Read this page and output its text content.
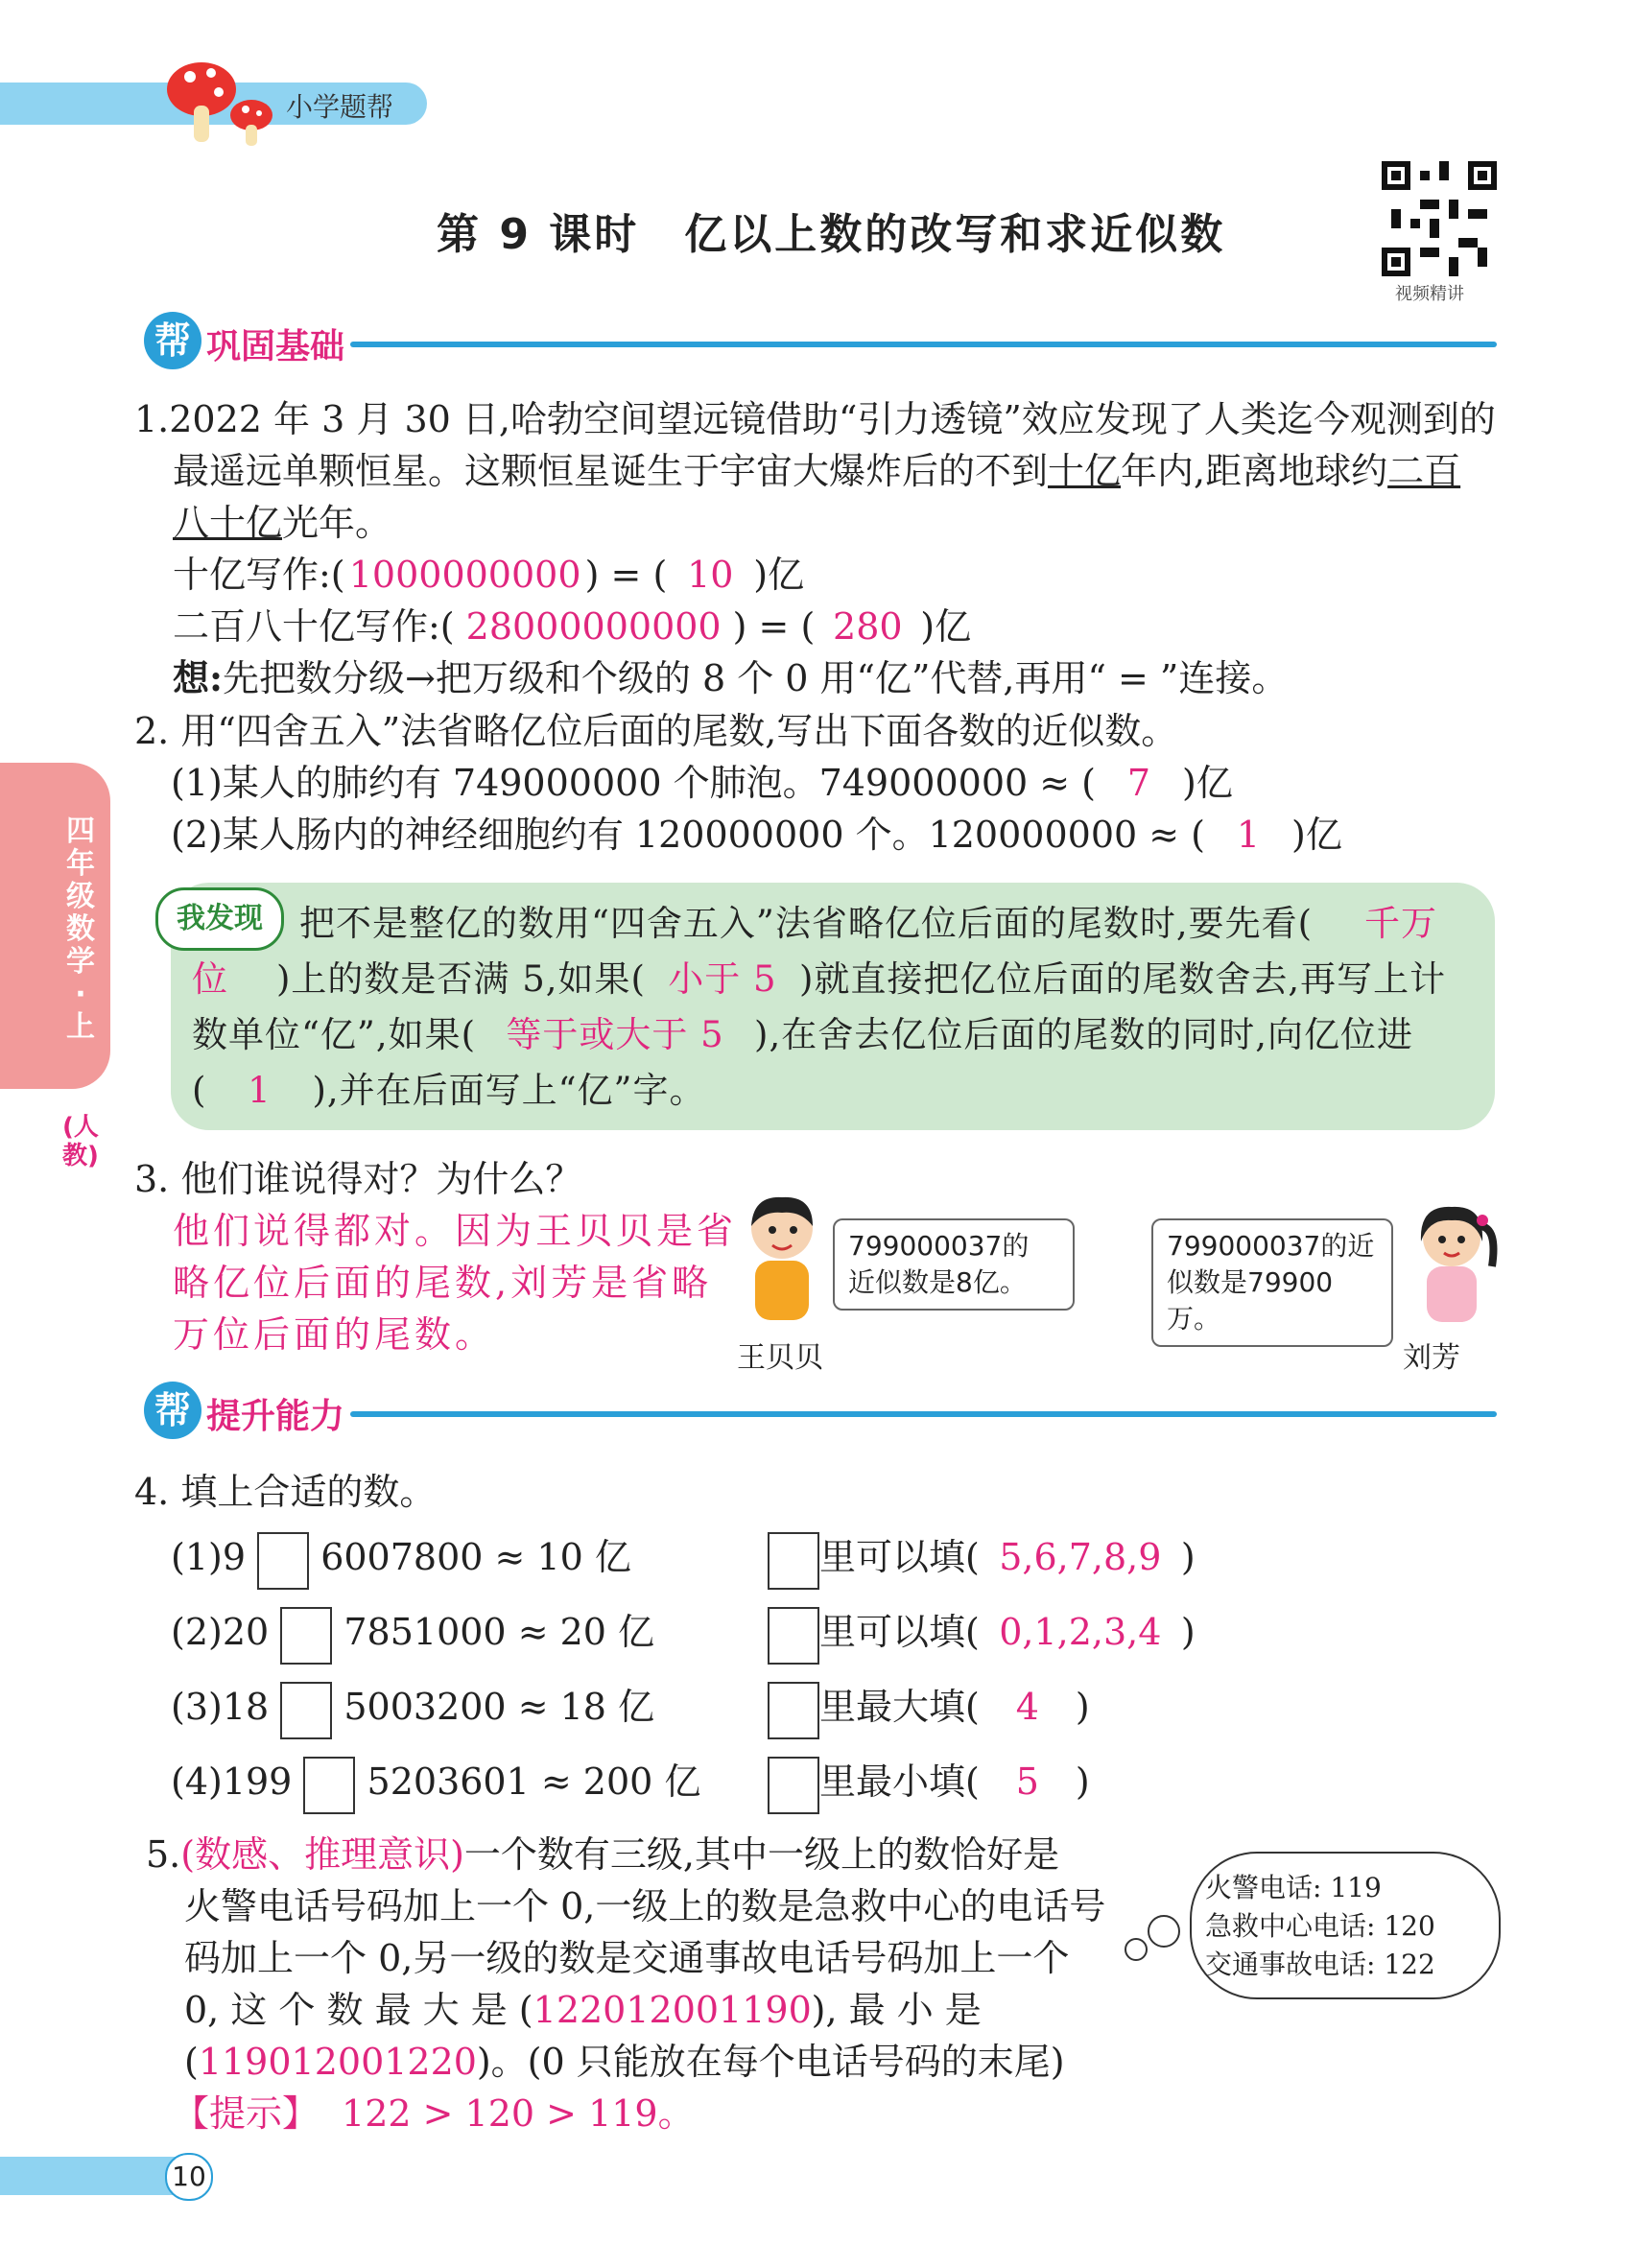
小学题帮
第 9 课时　亿以上数的改写和求近似数
视频精讲
四年级数学·上
(人教)
帮 巩固基础
1.2022 年 3 月 30 日,哈勃空间望远镜借助“引力透镜”效应发现了人类迄今观测到的
最遥远单颗恒星。这颗恒星诞生于宇宙大爆炸后的不到十亿年内,距离地球约二百
八十亿光年。
十亿写作:( 1000000000 ) = ( 10 )亿
二百八十亿写作:( 28000000000 ) = ( 280 )亿
想:先把数分级→把万级和个级的 8 个 0 用“亿”代替,再用“ = ”连接。
2. 用“四舍五入”法省略亿位后面的尾数,写出下面各数的近似数。
(1)某人的肺约有 749000000 个肺泡。749000000 ≈ ( 7 )亿
(2)某人肠内的神经细胞约有 120000000 个。120000000 ≈ ( 1 )亿
我发现	把不是整亿的数用“四舍五入”法省略亿位后面的尾数时,要先看( 千万
位 )上的数是否满 5,如果( 小于 5 )就直接把亿位后面的尾数舍去,再写上计
数单位“亿”,如果( 等于或大于 5 ),在舍去亿位后面的尾数的同时,向亿位进
( 1 ),并在后面写上“亿”字。
3. 他们谁说得对？为什么？
他们说得都对。因为王贝贝是省
略亿位后面的尾数,刘芳是省略
万位后面的尾数。
799000037的
近似数是8亿。
王贝贝
799000037的近
似数是79900万。
刘芳
帮 提升能力
4. 填上合适的数。
(1)9 6007800 ≈ 10 亿	里可以填( 5,6,7,8,9 )
(2)20 7851000 ≈ 20 亿	里可以填( 0,1,2,3,4 )
(3)18 5003200 ≈ 18 亿	里最大填( 4 )
(4)199 5203601 ≈ 200 亿	里最小填( 5 )
5.(数感、推理意识)一个数有三级,其中一级上的数恰好是
火警电话号码加上一个 0,一级上的数是急救中心的电话号
码加上一个 0,另一级的数是交通事故电话号码加上一个
0, 这 个 数 最 大 是 (122012001190), 最 小 是
(119012001220)。(0 只能放在每个电话号码的末尾)
【提示】 122 > 120 > 119。
火警电话: 119
急救中心电话: 120
交通事故电话: 122
10
